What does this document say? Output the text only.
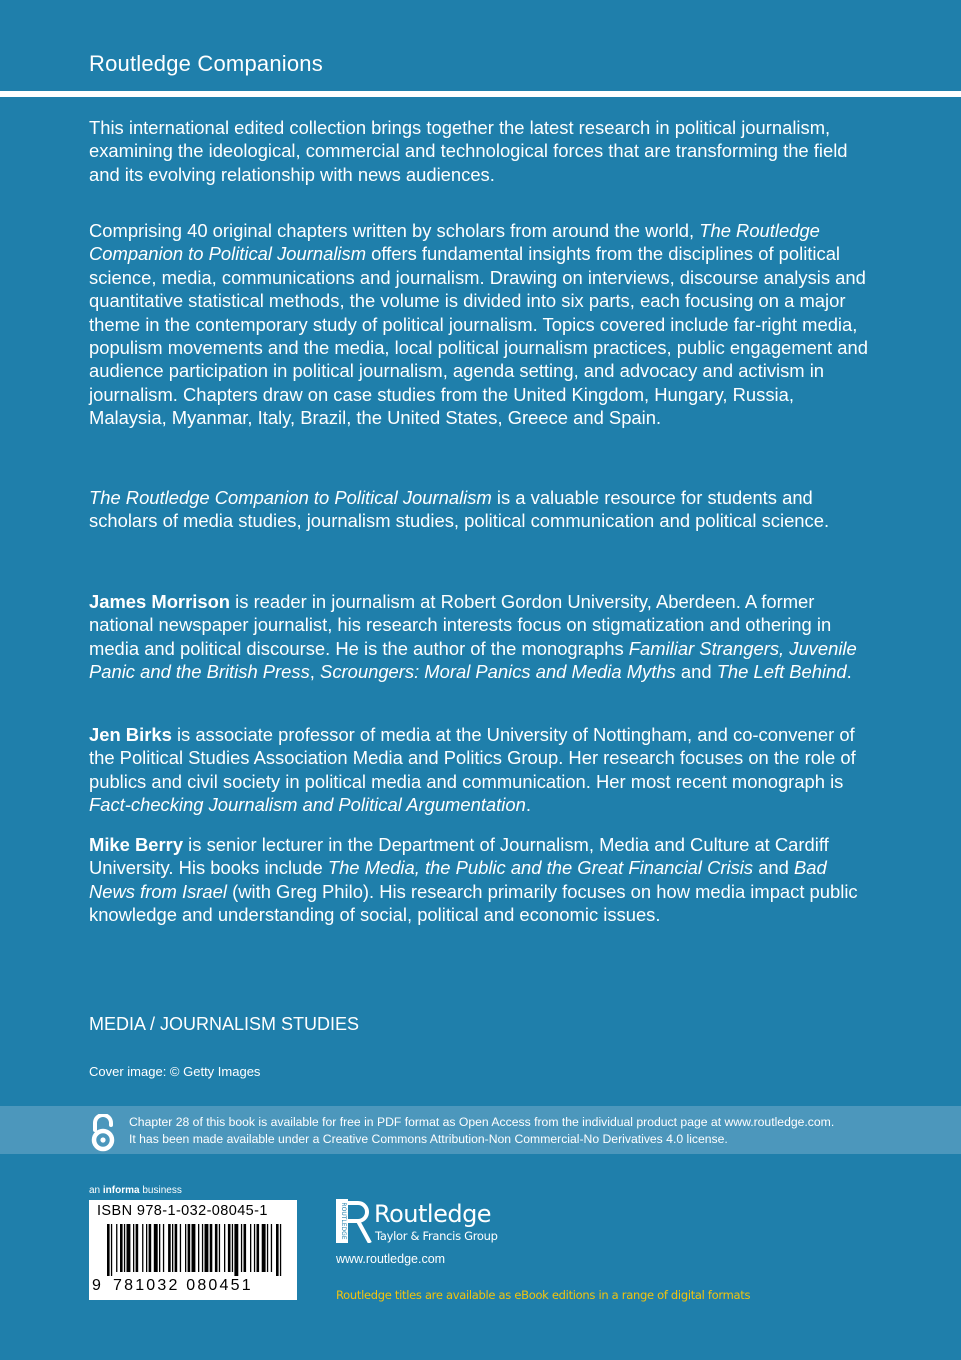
Routledge Companions

This international edited collection brings together the latest research in political journalism, examining the ideological, commercial and technological forces that are transforming the field and its evolving relationship with news audiences.

Comprising 40 original chapters written by scholars from around the world, The Routledge Companion to Political Journalism offers fundamental insights from the disciplines of political science, media, communications and journalism. Drawing on interviews, discourse analysis and quantitative statistical methods, the volume is divided into six parts, each focusing on a major theme in the contemporary study of political journalism. Topics covered include far-right media, populism movements and the media, local political journalism practices, public engagement and audience participation in political journalism, agenda setting, and advocacy and activism in journalism. Chapters draw on case studies from the United Kingdom, Hungary, Russia, Malaysia, Myanmar, Italy, Brazil, the United States, Greece and Spain.

The Routledge Companion to Political Journalism is a valuable resource for students and scholars of media studies, journalism studies, political communication and political science.

James Morrison is reader in journalism at Robert Gordon University, Aberdeen. A former national newspaper journalist, his research interests focus on stigmatization and othering in media and political discourse. He is the author of the monographs Familiar Strangers, Juvenile Panic and the British Press, Scroungers: Moral Panics and Media Myths and The Left Behind.

Jen Birks is associate professor of media at the University of Nottingham, and co-convener of the Political Studies Association Media and Politics Group. Her research focuses on the role of publics and civil society in political media and communication. Her most recent monograph is Fact-checking Journalism and Political Argumentation.

Mike Berry is senior lecturer in the Department of Journalism, Media and Culture at Cardiff University. His books include The Media, the Public and the Great Financial Crisis and Bad News from Israel (with Greg Philo). His research primarily focuses on how media impact public knowledge and understanding of social, political and economic issues.

MEDIA / JOURNALISM STUDIES
Cover image: © Getty Images
Chapter 28 of this book is available for free in PDF format as Open Access from the individual product page at www.routledge.com.
It has been made available under a Creative Commons Attribution-Non Commercial-No Derivatives 4.0 license.
an informa business
ISBN 978-1-032-08045-1
9 781032 080451
ROUTLEDGE Routledge
Taylor & Francis Group
www.routledge.com
Routledge titles are available as eBook editions in a range of digital formats
